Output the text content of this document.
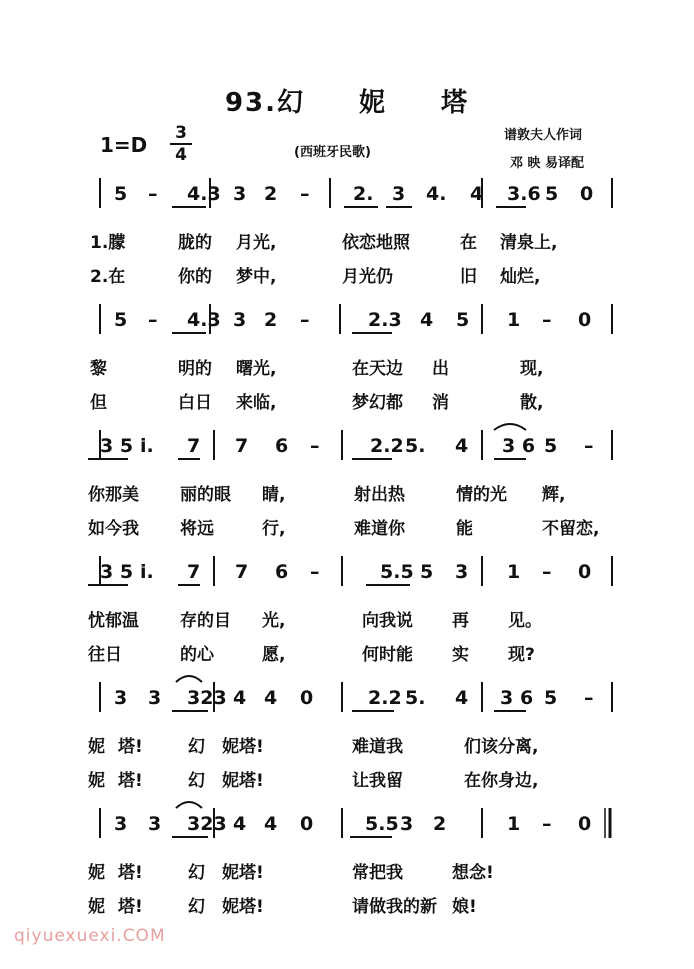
93.幻 妮 塔
1=D 3
4	(西班牙民歌)
谱敦夫人作词
邓 映 易译配
5 – 4.3 3 2 – 2. 3 4. 4 3.6 5 0
5 – 4.3 3 2 –	2.3 4 5 1 – 0
3 5 i. 7 7 6 –	2.2 5. 4 3 6 5 –
3 5 i. 7 7 6 –	5.5 5 3 1 – 0
3 3 323 4 4 0	2.2 5. 4 3 6 5 –
3 3 323 4 4 0	5.5 3 2	1 – 0
1.朦	胧的 月光,	依恋地照	在 清泉上,
2.在	你的 梦中,	月光仍	旧 灿烂,
黎	明的 曙光,	在天边 出	现,
但	白日 来临,	梦幻都 消	散,
你那美 丽的眼 睛,	射出热	情的光 辉,
如今我 将远	行,	难道你	能	不留恋,
忧郁温 存的目 光,	向我说 再 见。
往日	的心	愿,	何时能 实 现?
妮 塔!	幻 妮塔!	难道我	们该分离,
妮 塔!	幻 妮塔!	让我留	在你身边,
妮 塔!	幻 妮塔!	常把我	想念!
妮 塔!	幻 妮塔!	请做我的新 娘!
qiyuexuexi.COM
